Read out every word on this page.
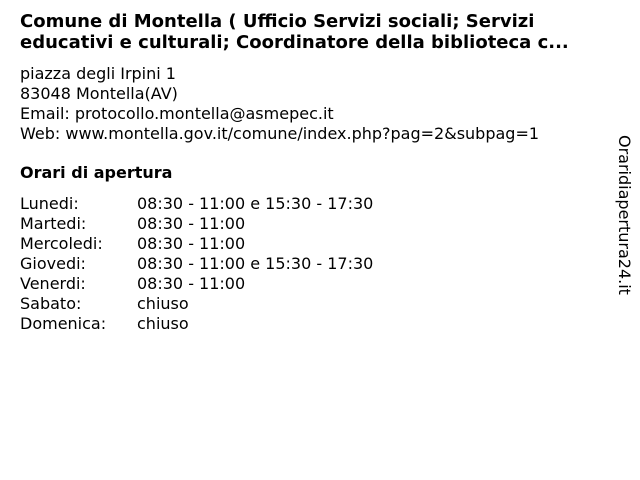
Comune di Montella ( Ufficio Servizi sociali; Servizi
educativi e culturali; Coordinatore della biblioteca c...
piazza degli Irpini 1
83048 Montella(AV)
Email: protocollo.montella@asmepec.it
Web: www.montella.gov.it/comune/index.php?pag=2&subpag=1
Orari di apertura
Lunedi:	08:30 - 11:00 e 15:30 - 17:30
Martedi:	08:30 - 11:00
Mercoledi:	08:30 - 11:00
Giovedi:	08:30 - 11:00 e 15:30 - 17:30
Venerdi:	08:30 - 11:00
Sabato:	chiuso
Domenica:	chiuso
Oraridiapertura24.it
